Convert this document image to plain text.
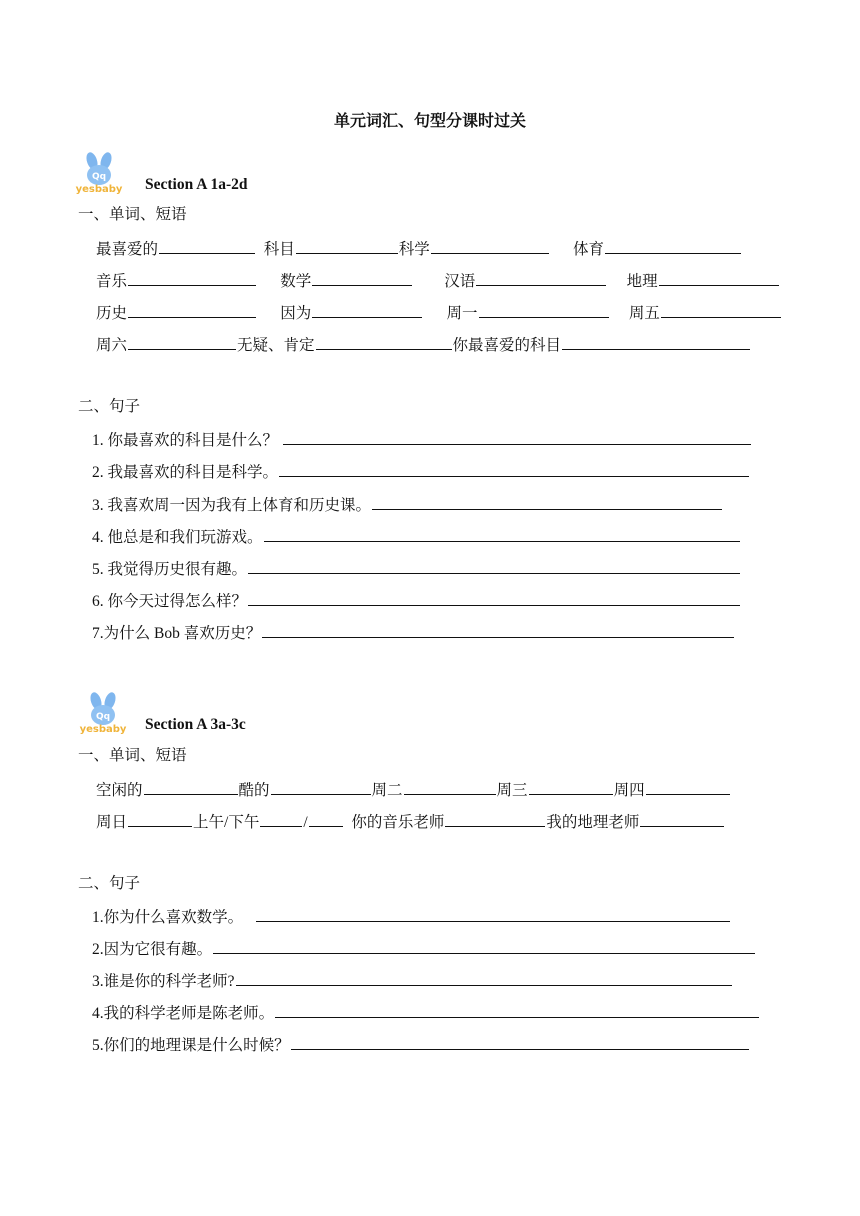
单元词汇、句型分课时过关
Qq
yesbaby Section A 1a-2d
一、单词、短语
最喜爱的	科目	科学	体育
音乐	数学	汉语	地理
历史	因为	周一	周五
周六	无疑、肯定	你最喜爱的科目
二、句子
1. 你最喜欢的科目是什么？
2. 我最喜欢的科目是科学。
3. 我喜欢周一因为我有上体育和历史课。
4. 他总是和我们玩游戏。
5. 我觉得历史很有趣。
6. 你今天过得怎么样？
7.为什么 Bob 喜欢历史？
Qq
yesbaby Section A 3a-3c
一、单词、短语
空闲的	酷的	周二	周三	周四
周日	上午/下午	/	你的音乐老师	我的地理老师
二、句子
1.你为什么喜欢数学。
2.因为它很有趣。
3.谁是你的科学老师?
4.我的科学老师是陈老师。
5.你们的地理课是什么时候？
